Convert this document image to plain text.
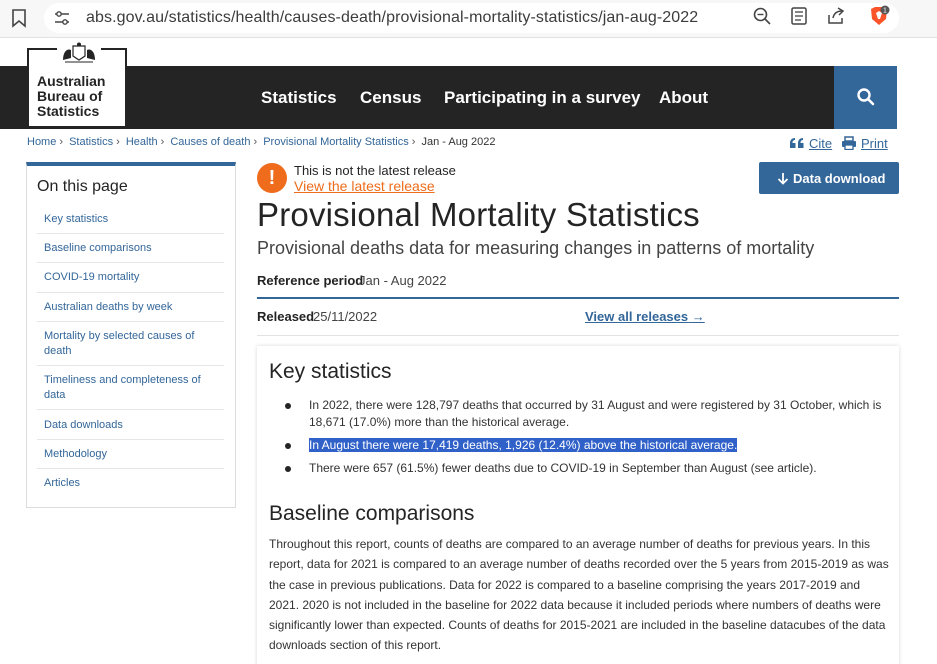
abs.gov.au/statistics/health/causes-death/provisional-mortality-statistics/jan-aug-2022	1
Australian
Bureau of
Statistics
Statistics Census Participating in a survey About
Home › Statistics › Health › Causes of death › Provisional Mortality Statistics › Jan - Aug 2022	Cite Print
On this page
Key statistics
Baseline comparisons
COVID-19 mortality
Australian deaths by week
Mortality by selected causes of death
Timeliness and completeness of data
Data downloads
Methodology
Articles
!	This is not the latest release
View the latest release	Data download
Provisional Mortality Statistics
Provisional deaths data for measuring changes in patterns of mortality
Reference period
Jan - Aug 2022
Released
25/11/2022	View all releases →
Key statistics
In 2022, there were 128,797 deaths that occurred by 31 August and were registered by 31 October, which is 18,671 (17.0%) more than the historical average.
In August there were 17,419 deaths, 1,926 (12.4%) above the historical average.
There were 657 (61.5%) fewer deaths due to COVID-19 in September than August (see article).
Baseline comparisons
Throughout this report, counts of deaths are compared to an average number of deaths for previous years. In this report, data for 2021 is compared to an average number of deaths recorded over the 5 years from 2015-2019 as was the case in previous publications. Data for 2022 is compared to a baseline comprising the years 2017-2019 and 2021. 2020 is not included in the baseline for 2022 data because it included periods where numbers of deaths were significantly lower than expected. Counts of deaths for 2015-2021 are included in the baseline datacubes of the data downloads section of this report.
